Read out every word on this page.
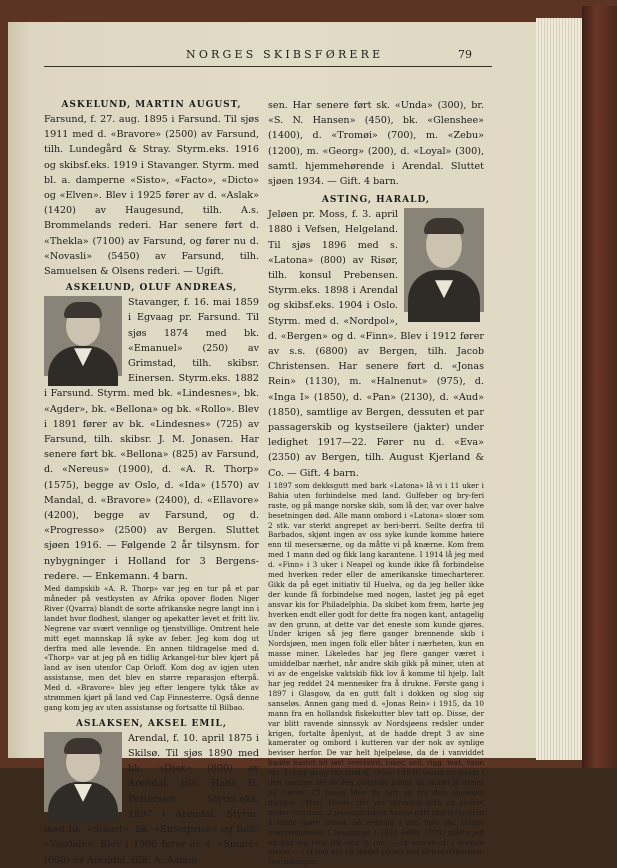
NORGES SKIBSFØRERE	79
ASKELUND, MARTIN AUGUST,

Farsund, f. 27. aug. 1895 i Farsund. Til sjøs 1911 med d. «Bravore» (2500) av Farsund, tilh. Lundegård & Stray. Styrm.eks. 1916 og skibsf.eks. 1919 i Stavanger. Styrm. med bl. a. damperne «Sisto», «Facto», «Dicto» og «Elven». Blev i 1925 fører av d. «Aslak» (1420) av Haugesund, tilh. A.s. Brommelands rederi. Har senere ført d. «Thekla» (7100) av Farsund, og fører nu d. «Novasli» (5450) av Farsund, tilh. Samuelsen & Olsens rederi. — Ugift.

ASKELUND, OLUF ANDREAS,

Stavanger, f. 16. mai 1859 i Egvaag pr. Farsund. Til sjøs 1874 med bk. «Emanuel» (250) av Grimstad, tilh. skibsr. Einersen. Styrm.eks. 1882 i Farsund. Styrm. med bk. «Lindesnes», bk. «Agder», bk. «Bellona» og bk. «Rollo». Blev i 1891 fører av bk. «Lindesnes» (725) av Farsund, tilh. skibsr. J. M. Jonasen. Har senere ført bk. «Bellona» (825) av Farsund, d. «Nereus» (1900), d. «A. R. Thorp» (1575), begge av Oslo, d. «Ida» (1570) av Mandal, d. «Bravore» (2400), d. «Ellavore» (4200), begge av Farsund, og d. «Progresso» (2500) av Bergen. Sluttet sjøen 1916. — Følgende 2 år tilsynsm. for nybygninger i Holland for 3 Bergens-redere. — Enkemann. 4 barn.

Med dampskib «A. R. Thorp» var jeg en tur på et par måneder på vestkysten av Afrika opover floden Niger River (Qvarra) blandt de sorte afrikanske negre langt inn i landet hvor flodhest, slanger og apekatter levet et fritt liv. Negrene var svært vennlige og tjenstvillige. Omtrent hele mitt eget mannskap lå syke av feber. Jeg kom dog ut derfra med alle levende. En annen tildragelse med d. «Thorp» var at jeg på en tidlig Arkangel-tur blev kjørt på land av isen utenfor Cap Orloff. Kom dog av igjen uten assistanse, men det blev en større reparasjon efterpå. Med d. «Bravore» blev jeg efter lengere tykk tåke av strømmen kjørt på land ved Cap Finnesterre. Også denne gang kom jeg av uten assistanse og fortsatte til Bilbao.

ASLAKSEN, AKSEL EMIL,

Arendal, f. 10. april 1875 i Skilsø. Til sjøs 1890 med bk. «Diax» (800) av Arendal, tilh. Hans H. Pettersen. Styrm.eks. 1897 i Arendal. Styrm. med bk. «Smart», bk. «Enterprise» og fullr. «Vasdale». Blev i 1900 fører av s. «Smart» (600) av Arendal, tilh. A. Aanon-

sen. Har senere ført sk. «Unda» (300), br. «S. N. Hansen» (450), bk. «Glenshee» (1400), d. «Tromøi» (700), m. «Zebu» (1200), m. «Georg» (200), d. «Loyal» (300), samtl. hjemmehørende i Arendal. Sluttet sjøen 1934. — Gift. 4 barn.

ASTING, HARALD,

Jeløen pr. Moss, f. 3. april 1880 i Vefsen, Helgeland. Til sjøs 1896 med s. «Latona» (800) av Risør, tilh. konsul Prebensen. Styrm.eks. 1898 i Arendal og skibsf.eks. 1904 i Oslo. Styrm. med d. «Nordpol», d. «Bergen» og d. «Finn». Blev i 1912 fører av s.s. (6800) av Bergen, tilh. Jacob Christensen. Har senere ført d. «Jonas Rein» (1130), m. «Halnenut» (975), d. «Inga I» (1850), d. «Pan» (2130), d. «Aud» (1850), samtlige av Bergen, dessuten et par passagerskib og kystseilere (jakter) under ledighet 1917—22. Fører nu d. «Eva» (2350) av Bergen, tilh. August Kjerland & Co. — Gift. 4 barn.

I 1897 som dekksgutt med bark «Latona» lå vi i 11 uker i Bahia uten forbindelse med land. Gulfeber og bry-feri raste, og på mange norske skib, som lå der, var over halve besetningen død. Alle mann ombord i «Latona» sloær som 2 stk. var sterkt angrepet av beri-berri. Seilte derfra til Barbados, skjønt ingen av oss syke kunde komme høiere enn til mesersærne, og da måtte vi på knærne. Kom frem med 1 mann død og fikk lang karantene. I 1914 lå jeg med d. «Finn» i 3 uker i Neapel og kunde ikke få forbindelse med hverken reder eller de amerikanske timecharterer. Gikk da på eget initiativ til Huelva, og da jeg heller ikke der kunde få forbindelse med nogen, lastet jeg på eget ansvar kis for Philadelphia. Da skibet kom frem, hørte jeg hverken endt eller godt for dette fra nogen kant, antagelig av den grunn, at dette var det eneste som kunde gjøres. Under krigen så jeg flere ganger brennende skib i Nordsjøen, men ingen folk eller båter i nærheten, kun en masse miner. Likeledes har jeg flere ganger været i umiddelbar nærhet, når andre skib gikk på miner, uten at vi av de engelske vaktskib fikk lov å komme til hjelp. Ialt har jeg reddet 24 mennesker fra å drukne. Første gang i 1897 i Glasgow, da en gutt falt i dokken og slog sig sanseløs. Annen gang med d. «Jonas Rein» i 1915, da 10 mann fra en hollandsk fiskekutter blev tatt op. Disse, der var blitt ravende sinnssyk av Nordsjøens redsler under krigen, fortalte åpenlyst, at de hadde drept 3 av sine kamerater og ombord i kutteren var der nok av synlige beviser herfor. De var helt hjelpeløse, da de i vanviddet hadde kastet alt løst overbord, luker, seil, rigg, mat, vann etc. Tredje gang var med d. «Pan» i 1930 under en storm i den vestlige del av den engelske kanal, da skibet lå dreiet på været. 13 mann blev da tatt op fra den engelske damper «Mary Rose», der var sprunget lekk og sunket under stormen. 2 passagerbåter hadde gått like forbi uten å turde gjøre forsøk på redning i den høie sjø. Under oversvømmelse i Leningrad i 1923 (eller 1924) måtte jeg en dag jeg kom fra land ty inn — og senere op i øverste etasje — i et hus ute på landet på vei ned til trelasthavnen. Der tilbragte
